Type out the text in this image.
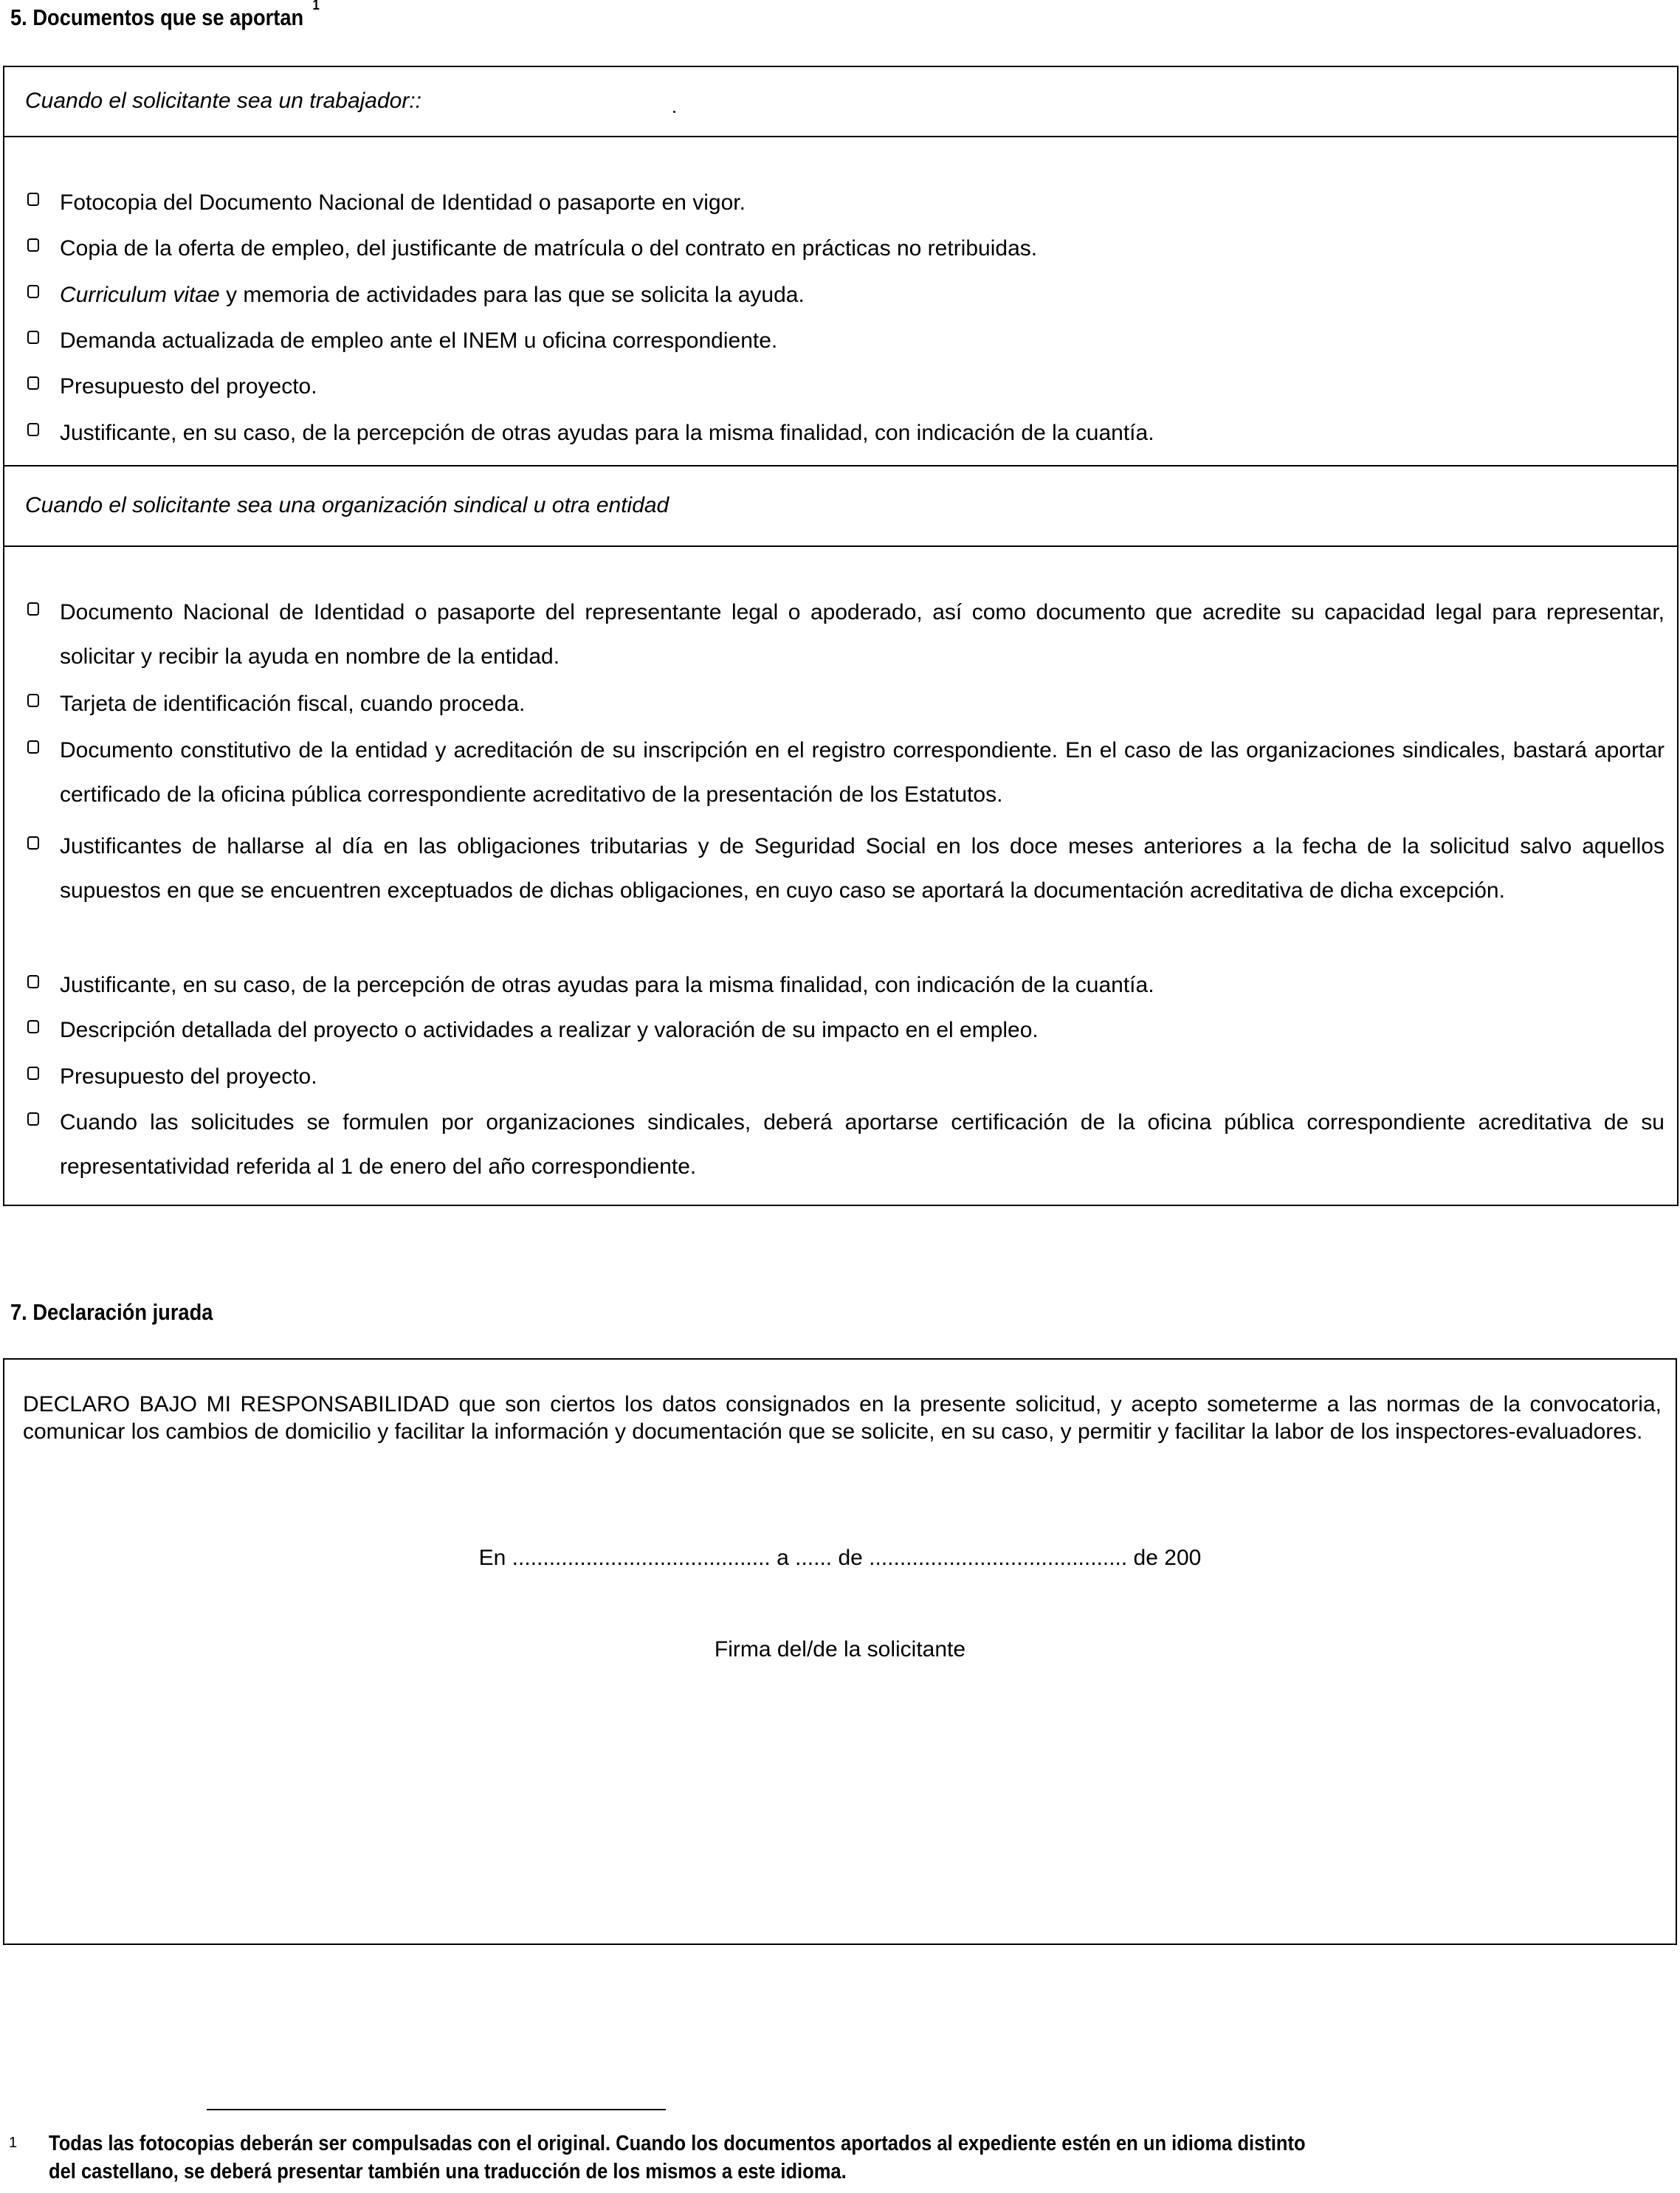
5. Documentos que se aportan $^1$
Cuando el solicitante sea un trabajador::
Fotocopia del Documento Nacional de Identidad o pasaporte en vigor.
Copia de la oferta de empleo, del justificante de matrícula o del contrato en prácticas no retribuidas.
Curriculum vitae y memoria de actividades para las que se solicita la ayuda.
Demanda actualizada de empleo ante el INEM u oficina correspondiente.
Presupuesto del proyecto.
Justificante, en su caso, de la percepción de otras ayudas para la misma finalidad, con indicación de la cuantía.
Cuando el solicitante sea una organización sindical u otra entidad
Documento Nacional de Identidad o pasaporte del representante legal o apoderado, así como documento que acredite su capacidad legal para representar, solicitar y recibir la ayuda en nombre de la entidad.
Tarjeta de identificación fiscal, cuando proceda.
Documento constitutivo de la entidad y acreditación de su inscripción en el registro correspondiente. En el caso de las organizaciones sindicales, bastará aportar certificado de la oficina pública correspondiente acreditativo de la presentación de los Estatutos.
Justificantes de hallarse al día en las obligaciones tributarias y de Seguridad Social en los doce meses anteriores a la fecha de la solicitud salvo aquellos supuestos en que se encuentren exceptuados de dichas obligaciones, en cuyo caso se aportará la documentación acreditativa de dicha excepción.
Justificante, en su caso, de la percepción de otras ayudas para la misma finalidad, con indicación de la cuantía.
Descripción detallada del proyecto o actividades a realizar y valoración de su impacto en el empleo.
Presupuesto del proyecto.
Cuando las solicitudes se formulen por organizaciones sindicales, deberá aportarse certificación de la oficina pública correspondiente acreditativa de su representatividad referida al 1 de enero del año correspondiente.
7. Declaración jurada
DECLARO BAJO MI RESPONSABILIDAD que son ciertos los datos consignados en la presente solicitud, y acepto someterme a las normas de la convocatoria, comunicar los cambios de domicilio y facilitar la información y documentación que se solicite, en su caso, y permitir y facilitar la labor de los inspectores-evaluadores.
En .......................................... a ...... de .......................................... de 200
Firma del/de la solicitante
1 Todas las fotocopias deberán ser compulsadas con el original. Cuando los documentos aportados al expediente estén en un idioma distinto
del castellano, se deberá presentar también una traducción de los mismos a este idioma.
